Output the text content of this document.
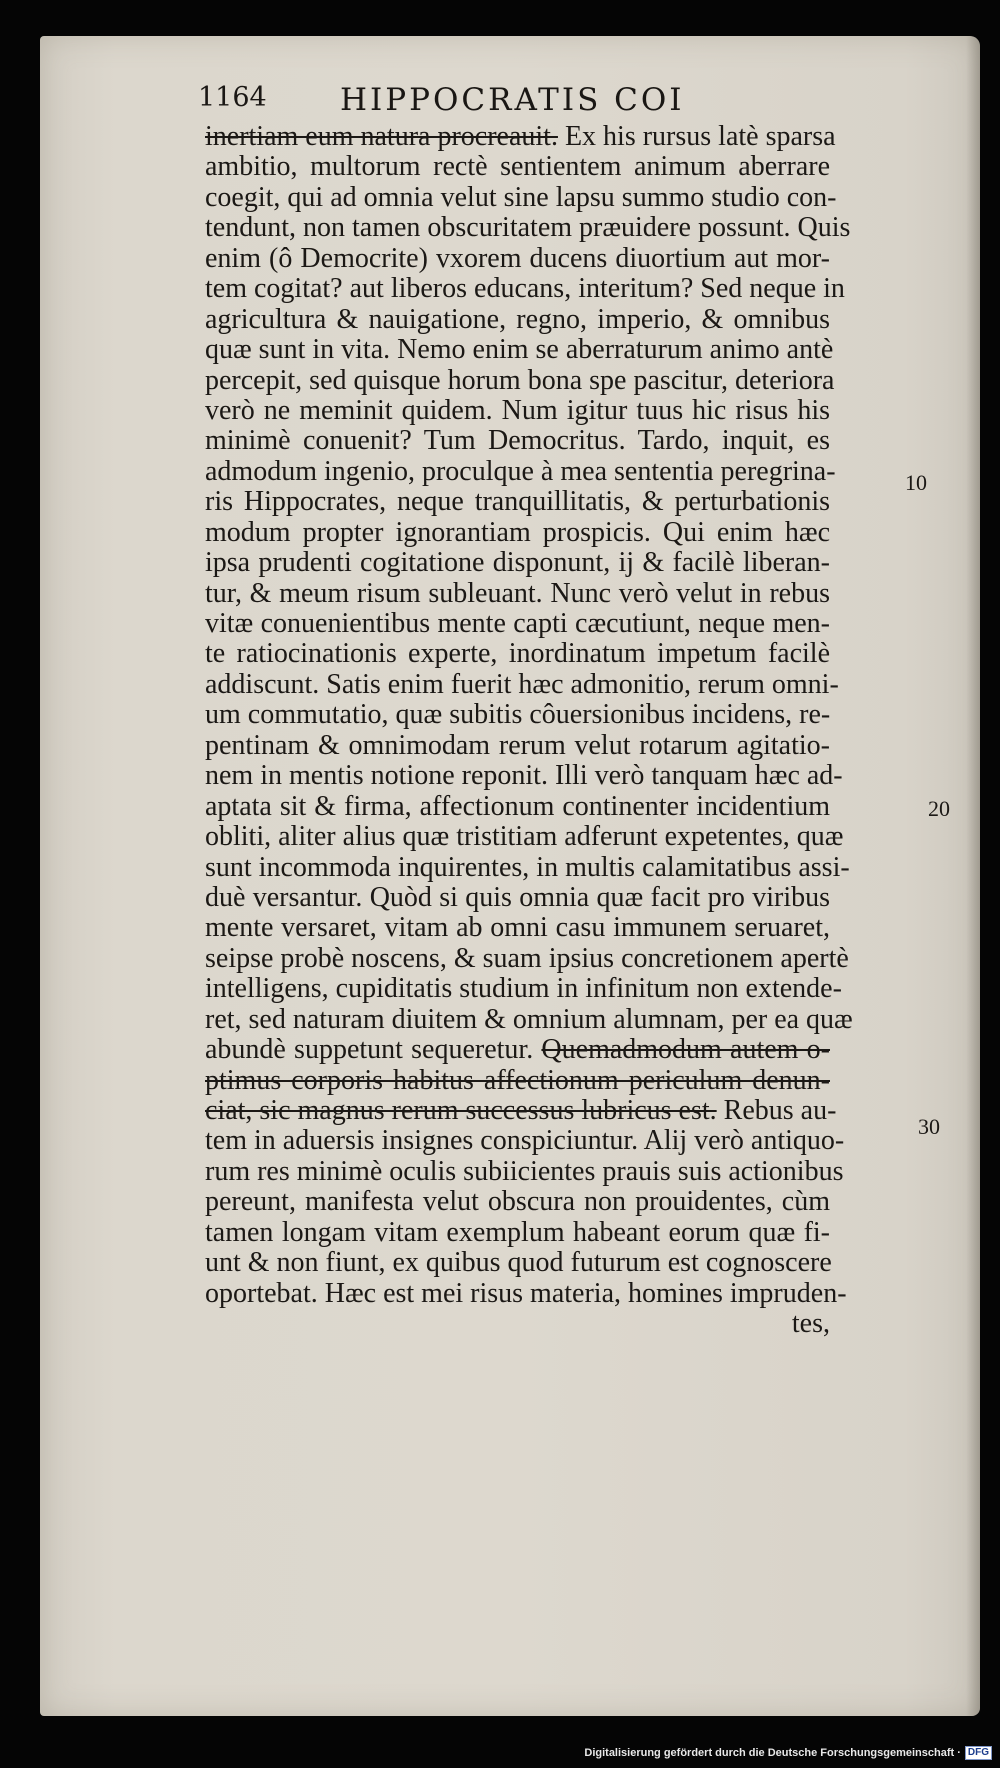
1164 HIPPOCRATIS COI
inertiam eum natura procreauit. Ex his rursus latè sparsa
ambitio, multorum rectè sentientem animum aberrare
coegit, qui ad omnia velut sine lapsu summo studio con-
tendunt, non tamen obscuritatem præuidere possunt. Quis
enim (ô Democrite) vxorem ducens diuortium aut mor-
tem cogitat? aut liberos educans, interitum? Sed neque in
agricultura & nauigatione, regno, imperio, & omnibus
quæ sunt in vita. Nemo enim se aberraturum animo antè
percepit, sed quisque horum bona spe pascitur, deteriora
verò ne meminit quidem. Num igitur tuus hic risus his
minimè conuenit? Tum Democritus. Tardo, inquit, es
admodum ingenio, proculque à mea sententia peregrina-
ris Hippocrates, neque tranquillitatis, & perturbationis
modum propter ignorantiam prospicis. Qui enim hæc
ipsa prudenti cogitatione disponunt, ij & facilè liberan-
tur, & meum risum subleuant. Nunc verò velut in rebus
vitæ conuenientibus mente capti cæcutiunt, neque men-
te ratiocinationis experte, inordinatum impetum facilè
addiscunt. Satis enim fuerit hæc admonitio, rerum omni-
um commutatio, quæ subitis côuersionibus incidens, re-
pentinam & omnimodam rerum velut rotarum agitatio-
nem in mentis notione reponit. Illi verò tanquam hæc ad-
aptata sit & firma, affectionum continenter incidentium
obliti, aliter alius quæ tristitiam adferunt expetentes, quæ
sunt incommoda inquirentes, in multis calamitatibus assi-
duè versantur. Quòd si quis omnia quæ facit pro viribus
mente versaret, vitam ab omni casu immunem seruaret,
seipse probè noscens, & suam ipsius concretionem apertè
intelligens, cupiditatis studium in infinitum non extende-
ret, sed naturam diuitem & omnium alumnam, per ea quæ
abundè suppetunt sequeretur. Quemadmodum autem o-
ptimus corporis habitus affectionum periculum denun-
ciat, sic magnus rerum successus lubricus est. Rebus au-
tem in aduersis insignes conspiciuntur. Alij verò antiquo-
rum res minimè oculis subiicientes prauis suis actionibus
pereunt, manifesta velut obscura non prouidentes, cùm
tamen longam vitam exemplum habeant eorum quæ fi-
unt & non fiunt, ex quibus quod futurum est cognoscere
oportebat. Hæc est mei risus materia, homines impruden-
tes,
10
20
30
Digitalisierung gefördert durch die Deutsche Forschungsgemeinschaft · DFG
